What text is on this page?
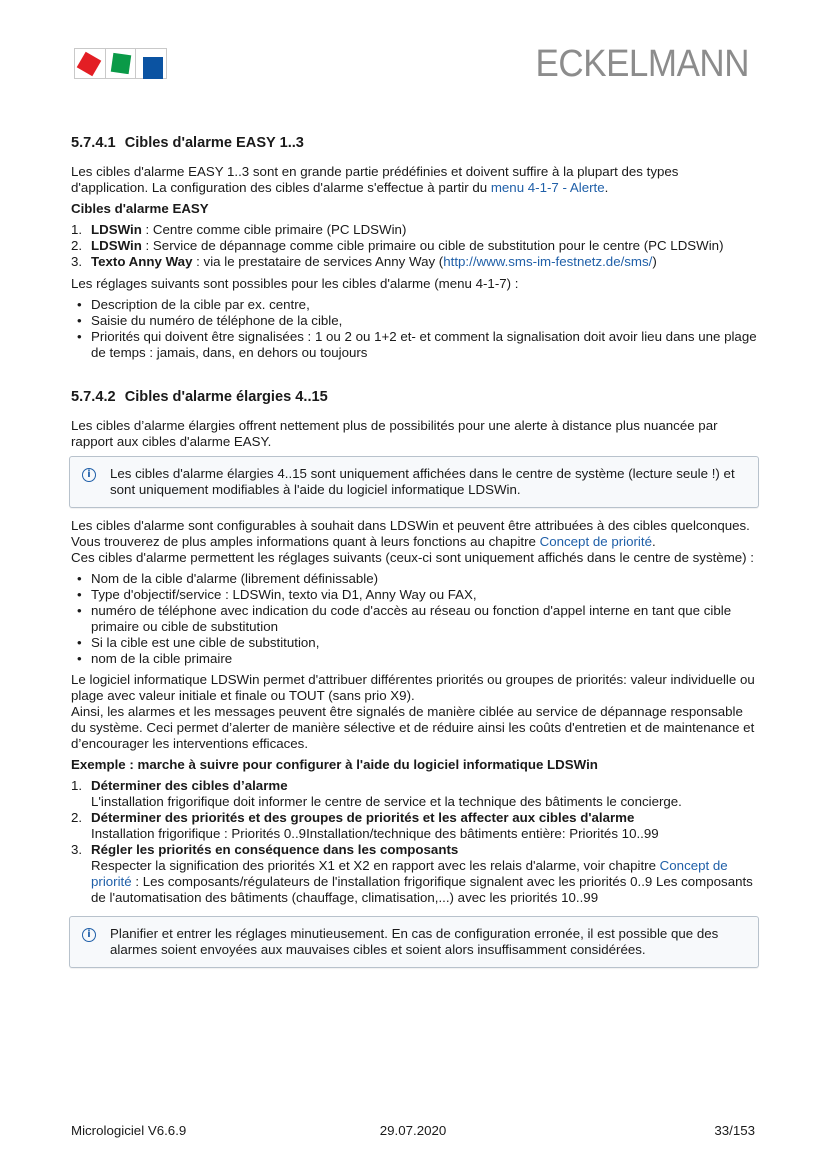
ECKELMANN
5.7.4.1 Cibles d'alarme EASY 1..3

Les cibles d'alarme EASY 1..3 sont en grande partie prédéfinies et doivent suffire à la plupart des types d'application. La configuration des cibles d'alarme s'effectue à partir du menu 4-1-7 - Alerte.

Cibles d'alarme EASY
1. LDSWin : Centre comme cible primaire (PC LDSWin)
2. LDSWin : Service de dépannage comme cible primaire ou cible de substitution pour le centre (PC LDSWin)
3. Texto Anny Way : via le prestataire de services Anny Way (http://www.sms-im-festnetz.de/sms/)

Les réglages suivants sont possibles pour les cibles d'alarme (menu 4-1-7) :

• Description de la cible par ex. centre,
• Saisie du numéro de téléphone de la cible,
• Priorités qui doivent être signalisées : 1 ou 2 ou 1+2 et- et comment la signalisation doit avoir lieu dans une plage de temps : jamais, dans, en dehors ou toujours
5.7.4.2 Cibles d'alarme élargies 4..15

Les cibles d’alarme élargies offrent nettement plus de possibilités pour une alerte à distance plus nuancée par rapport aux cibles d'alarme EASY.

i	Les cibles d'alarme élargies 4..15 sont uniquement affichées dans le centre de système (lecture seule !) et sont uniquement modifiables à l'aide du logiciel informatique LDSWin.

Les cibles d'alarme sont configurables à souhait dans LDSWin et peuvent être attribuées à des cibles quelconques. Vous trouverez de plus amples informations quant à leurs fonctions au chapitre Concept de priorité.

Ces cibles d'alarme permettent les réglages suivants (ceux-ci sont uniquement affichés dans le centre de système) :

• Nom de la cible d'alarme (librement définissable)
• Type d'objectif/service : LDSWin, texto via D1, Anny Way ou FAX,
• numéro de téléphone avec indication du code d'accès au réseau ou fonction d'appel interne en tant que cible primaire ou cible de substitution
• Si la cible est une cible de substitution,
• nom de la cible primaire

Le logiciel informatique LDSWin permet d'attribuer différentes priorités ou groupes de priorités: valeur individuelle ou plage avec valeur initiale et finale ou TOUT (sans prio X9).

Ainsi, les alarmes et les messages peuvent être signalés de manière ciblée au service de dépannage responsable du système. Ceci permet d’alerter de manière sélective et de réduire ainsi les coûts d'entretien et de maintenance et d’encourager les interventions efficaces.

Exemple : marche à suivre pour configurer à l'aide du logiciel informatique LDSWin
1. Déterminer des cibles d’alarme
L'installation frigorifique doit informer le centre de service et la technique des bâtiments le concierge.
2. Déterminer des priorités et des groupes de priorités et les affecter aux cibles d'alarme
Installation frigorifique : Priorités 0..9Installation/technique des bâtiments entière: Priorités 10..99
3. Régler les priorités en conséquence dans les composants
Respecter la signification des priorités X1 et X2 en rapport avec les relais d'alarme, voir chapitre Concept de priorité : Les composants/régulateurs de l'installation frigorifique signalent avec les priorités 0..9 Les composants de l'automatisation des bâtiments (chauffage, climatisation,...) avec les priorités 10..99
i	Planifier et entrer les réglages minutieusement. En cas de configuration erronée, il est possible que des alarmes soient envoyées aux mauvaises cibles et soient alors insuffisamment considérées.
Micrologiciel V6.6.9	29.07.2020	33/153
